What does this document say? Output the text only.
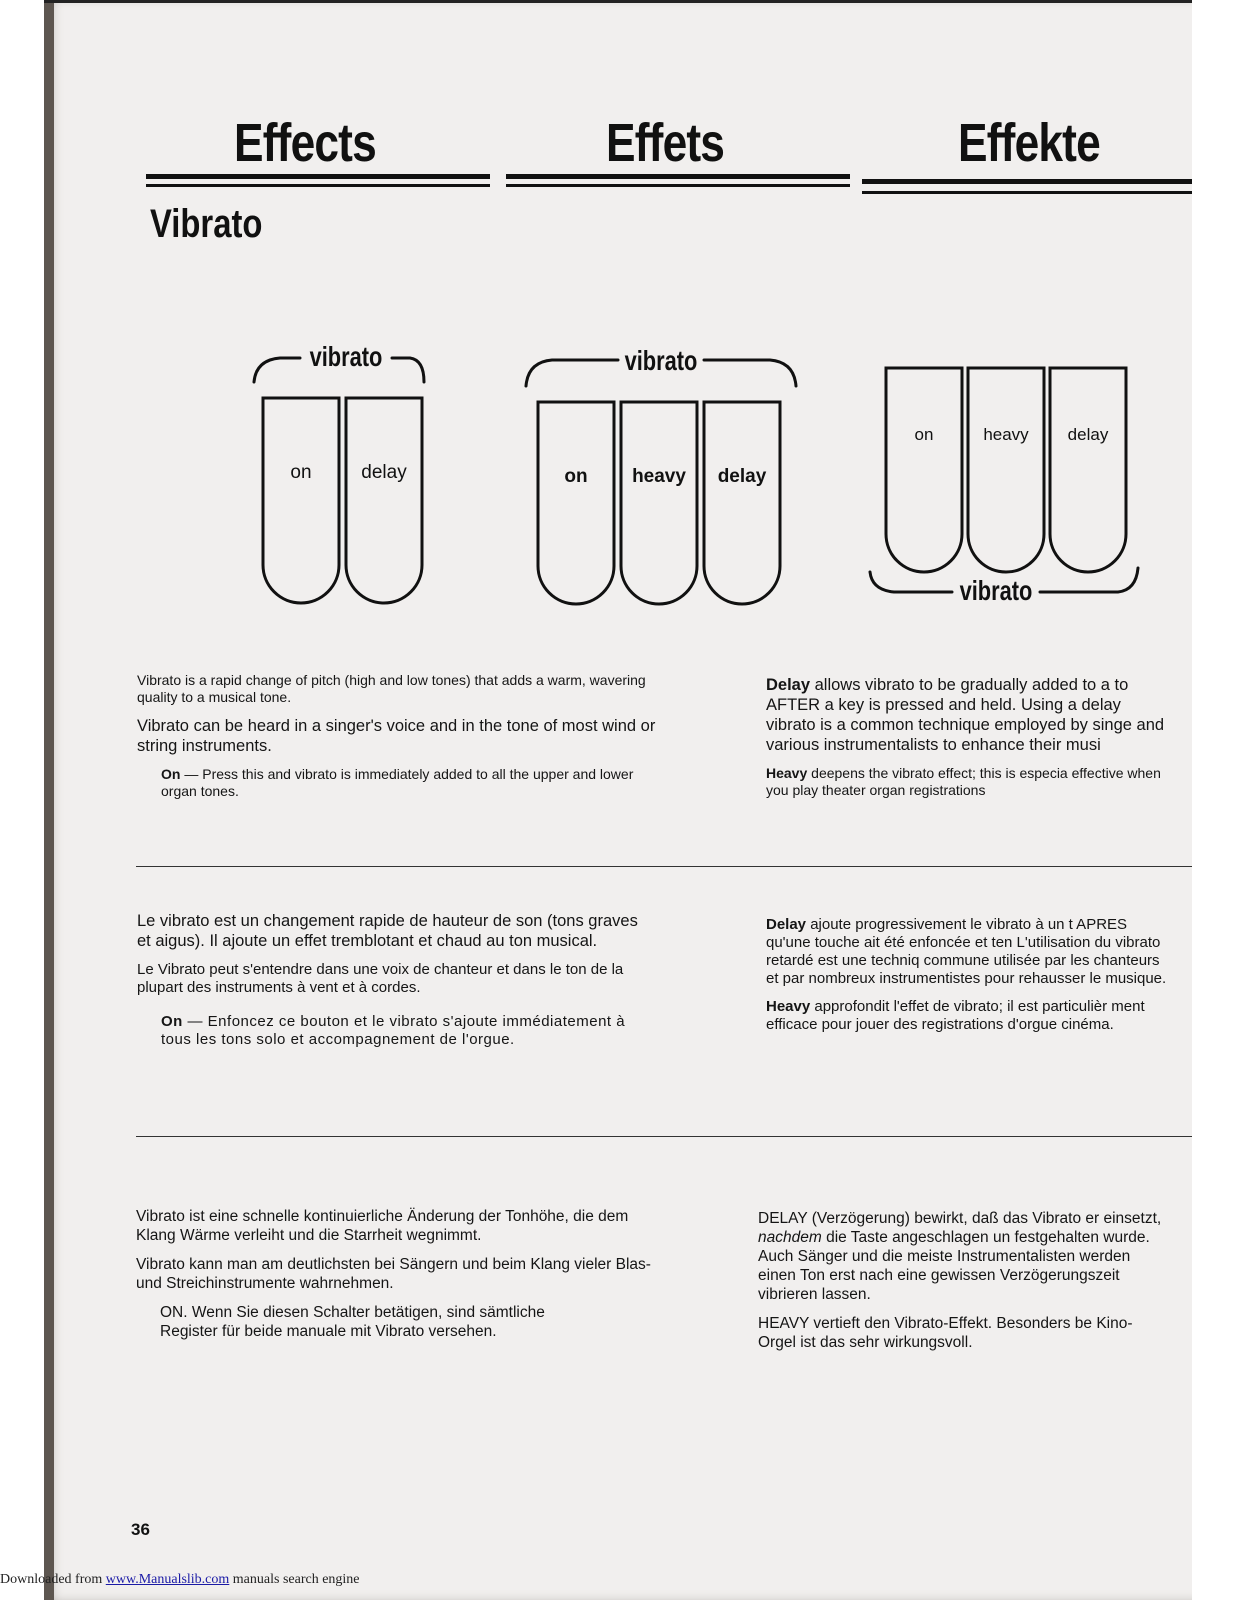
Effects	Effets	Effekte
Vibrato
vibrato	vibrato
vibrato
on	delay	on heavy delay
on	heavy delay

Vibrato is a rapid change of pitch (high and low tones) that adds a warm, wavering quality to a musical tone.

Vibrato can be heard in a singer's voice and in the tone of most wind or string instruments.

On — Press this and vibrato is immediately added to all the upper and lower organ tones.

Delay allows vibrato to be gradually added to a to AFTER a key is pressed and held. Using a delay vibrato is a common technique employed by singe and various instrumentalists to enhance their musi

Heavy deepens the vibrato effect; this is especia effective when you play theater organ registrations

Le vibrato est un changement rapide de hauteur de son (tons graves et aigus). Il ajoute un effet tremblotant et chaud au ton musical.

Le Vibrato peut s'entendre dans une voix de chanteur et dans le ton de la plupart des instruments à vent et à cordes.

On — Enfoncez ce bouton et le vibrato s'ajoute immédiatement à tous les tons solo et accompagnement de l'orgue.

Delay ajoute progressivement le vibrato à un t APRES qu'une touche ait été enfoncée et ten L'utilisation du vibrato retardé est une techniq commune utilisée par les chanteurs et par nombreux instrumentistes pour rehausser le musique.

Heavy approfondit l'effet de vibrato; il est particulièr ment efficace pour jouer des registrations d'orgue cinéma.

Vibrato ist eine schnelle kontinuierliche Änderung der Tonhöhe, die dem Klang Wärme verleiht und die Starrheit wegnimmt.

Vibrato kann man am deutlichsten bei Sängern und beim Klang vieler Blas- und Streichinstrumente wahrnehmen.

ON. Wenn Sie diesen Schalter betätigen, sind sämtliche Register für beide manuale mit Vibrato versehen.

DELAY (Verzögerung) bewirkt, daß das Vibrato er einsetzt, nachdem die Taste angeschlagen un festgehalten wurde. Auch Sänger und die meiste Instrumentalisten werden einen Ton erst nach eine gewissen Verzögerungszeit vibrieren lassen.

HEAVY vertieft den Vibrato-Effekt. Besonders be Kino- Orgel ist das sehr wirkungsvoll.

36
Downloaded from www.Manualslib.com manuals search engine
